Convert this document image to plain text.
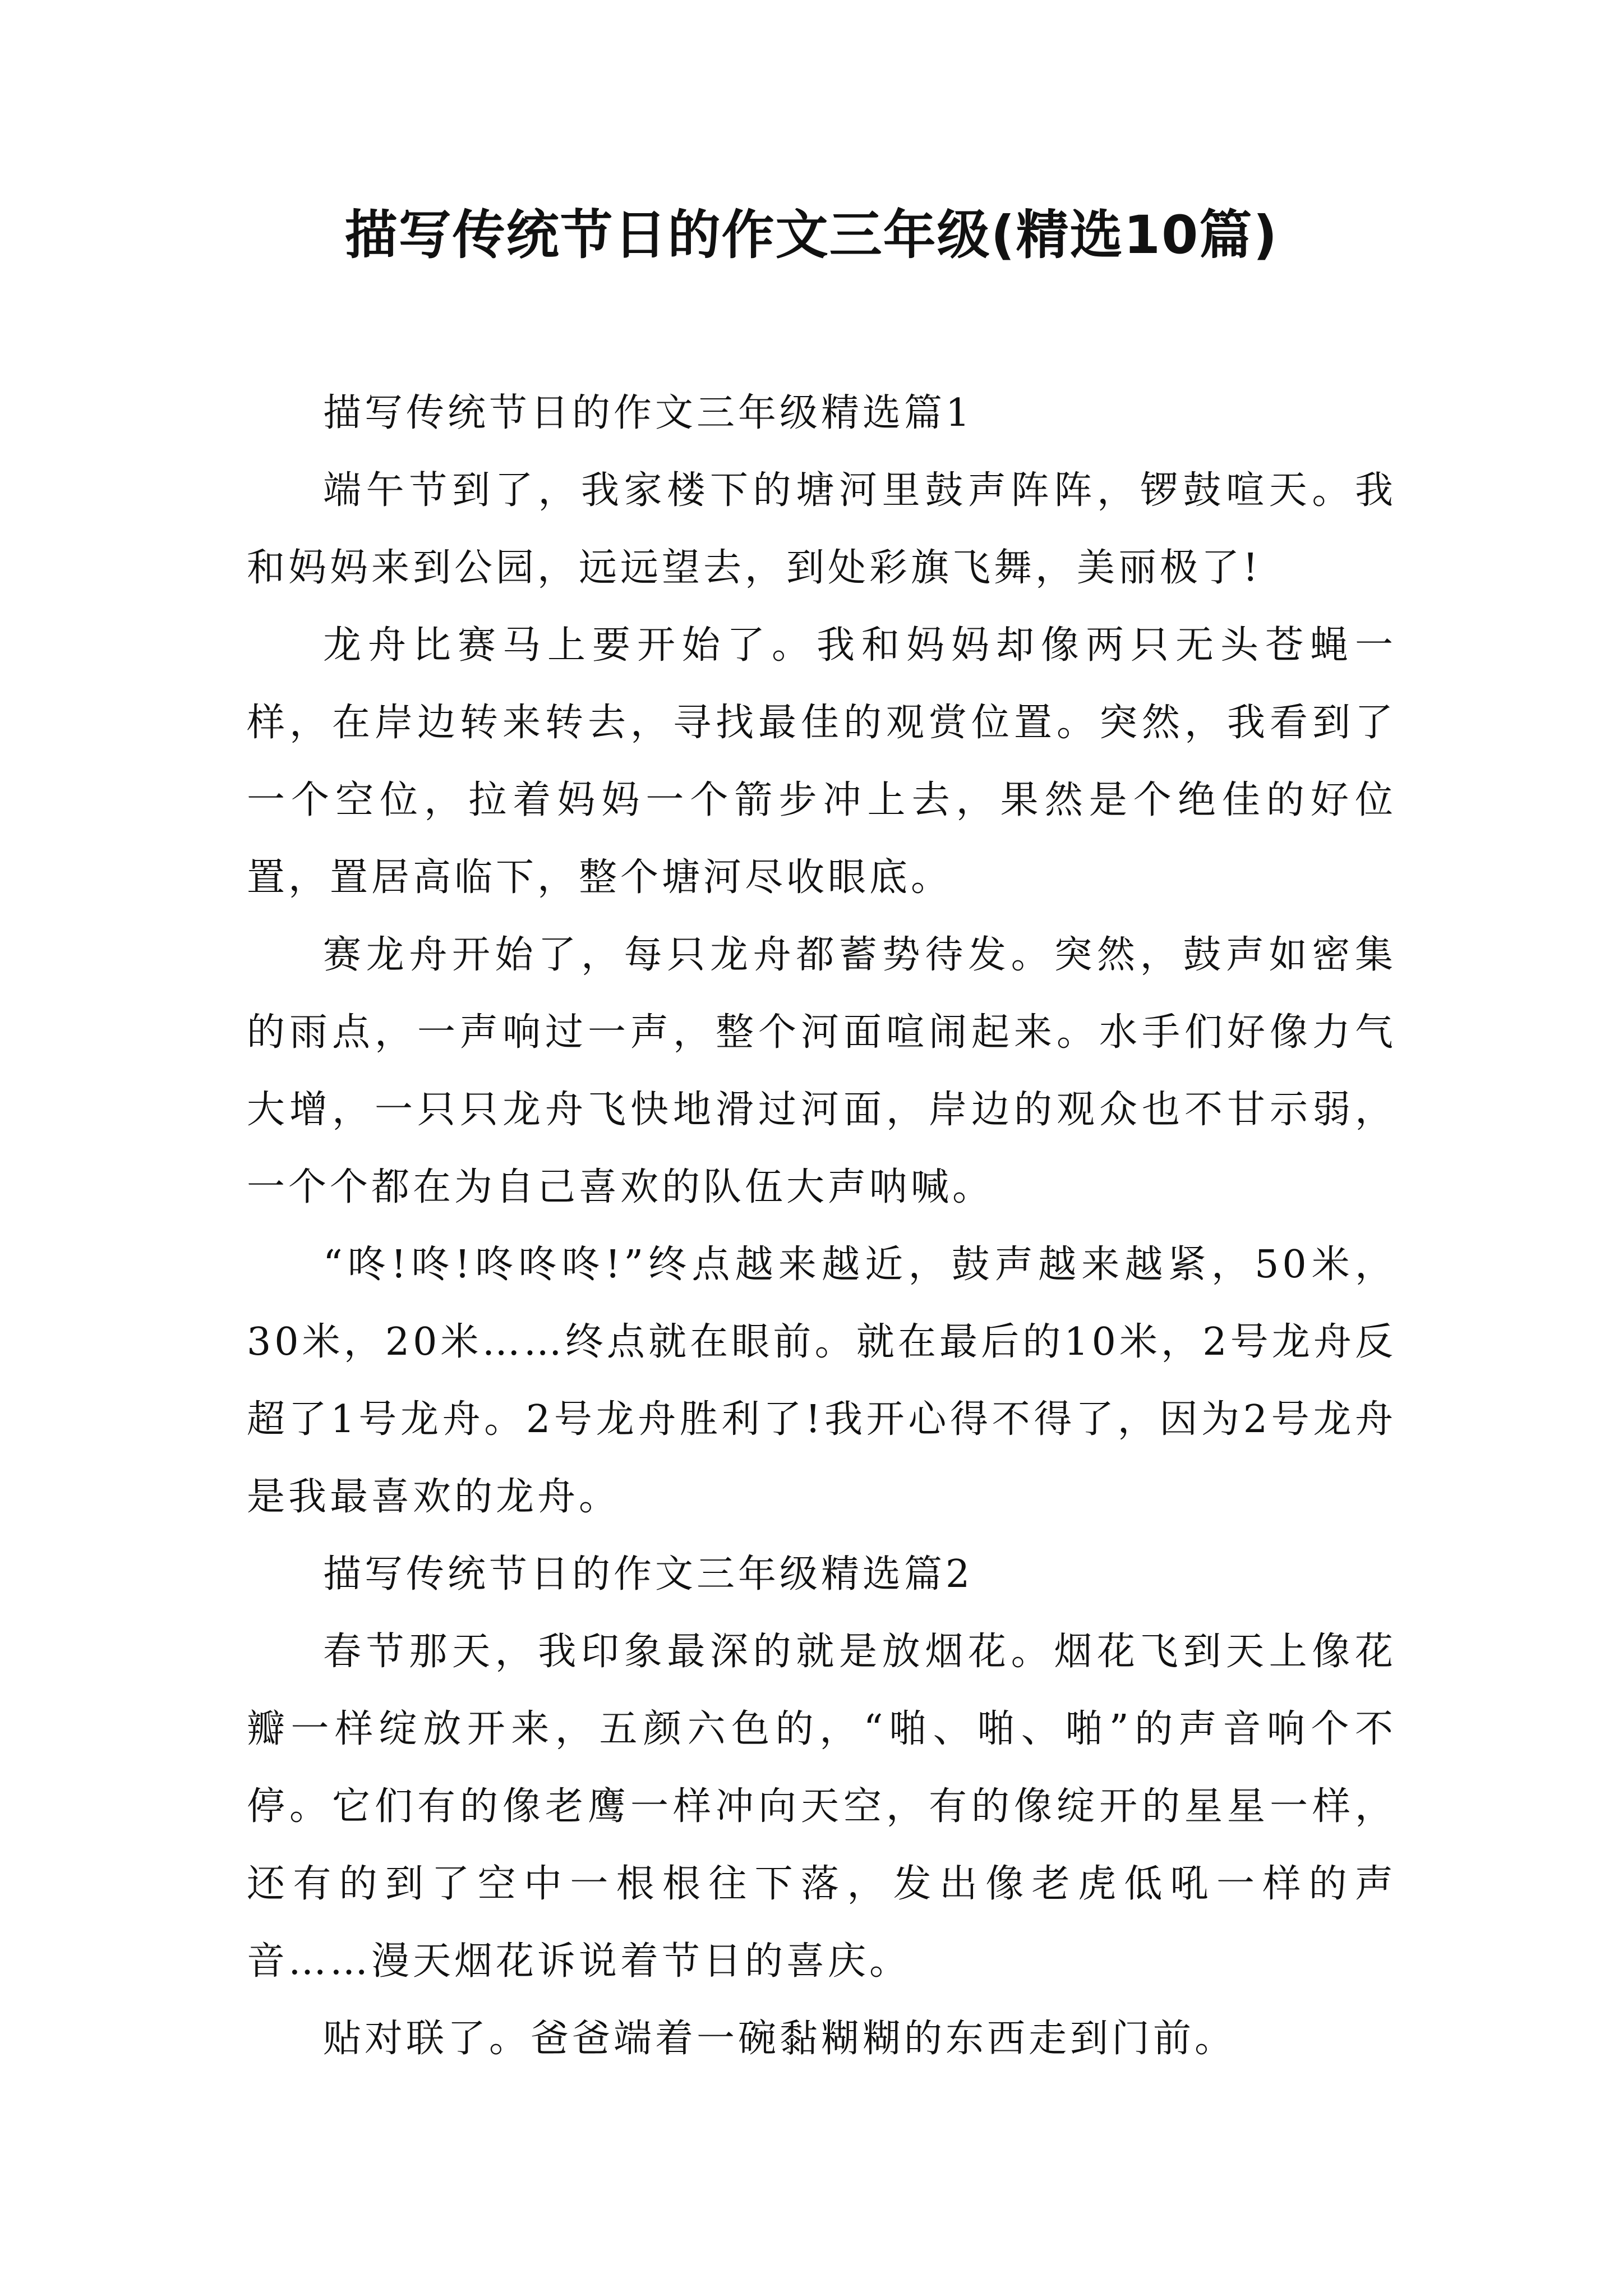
描写传统节日的作文三年级(精选10篇)

描写传统节日的作文三年级精选篇1

端午节到了，我家楼下的塘河里鼓声阵阵，锣鼓喧天。我和妈妈来到公园，远远望去，到处彩旗飞舞，美丽极了!

龙舟比赛马上要开始了。我和妈妈却像两只无头苍蝇一样，在岸边转来转去，寻找最佳的观赏位置。突然，我看到了一个空位，拉着妈妈一个箭步冲上去，果然是个绝佳的好位置，置居高临下，整个塘河尽收眼底。

赛龙舟开始了，每只龙舟都蓄势待发。突然，鼓声如密集的雨点，一声响过一声，整个河面喧闹起来。水手们好像力气大增，一只只龙舟飞快地滑过河面，岸边的观众也不甘示弱，一个个都在为自己喜欢的队伍大声呐喊。

“咚!咚!咚咚咚!”终点越来越近，鼓声越来越紧，50米，30米，20米……终点就在眼前。就在最后的10米，2号龙舟反超了1号龙舟。2号龙舟胜利了!我开心得不得了，因为2号龙舟是我最喜欢的龙舟。

描写传统节日的作文三年级精选篇2

春节那天，我印象最深的就是放烟花。烟花飞到天上像花瓣一样绽放开来，五颜六色的，“啪、啪、啪”的声音响个不停。它们有的像老鹰一样冲向天空，有的像绽开的星星一样，还有的到了空中一根根往下落，发出像老虎低吼一样的声音……漫天烟花诉说着节日的喜庆。

贴对联了。爸爸端着一碗黏糊糊的东西走到门前。
